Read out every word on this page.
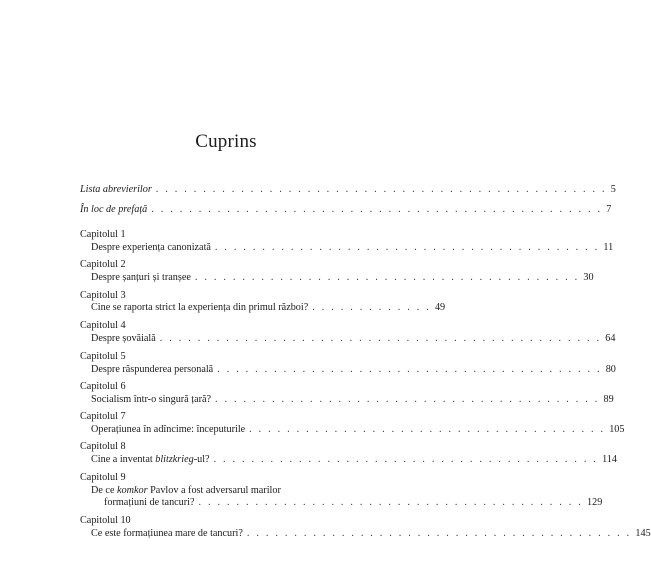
Cuprins
Lista abrevierilor . . . . . . . . . . . . . . . . . . . . . . . . . . . . . . . . . . . . . . . . . . . . . . . . 5
În loc de prefață . . . . . . . . . . . . . . . . . . . . . . . . . . . . . . . . . . . . . . . . . . . . . . . . 7
Capitolul 1
Despre experiența canonizată . . . . . . . . . . . . . . . . . . . . . . . . . . . . . . . . . . . . . . . . . 11
Capitolul 2
Despre șanțuri și tranșee . . . . . . . . . . . . . . . . . . . . . . . . . . . . . . . . . . . . . . . . . 30
Capitolul 3
Cine se raporta strict la experiența din primul război? . . . . . . . . . . . . . 49
Capitolul 4
Despre șovăială . . . . . . . . . . . . . . . . . . . . . . . . . . . . . . . . . . . . . . . . . . . . . . . 64
Capitolul 5
Despre răspunderea personală . . . . . . . . . . . . . . . . . . . . . . . . . . . . . . . . . . . . . . . . . 80
Capitolul 6
Socialism într-o singură țară? . . . . . . . . . . . . . . . . . . . . . . . . . . . . . . . . . . . . . . . . . 89
Capitolul 7
Operațiunea în adîncime: începuturile . . . . . . . . . . . . . . . . . . . . . . . . . . . . . . . . . . . . . . 105
Capitolul 8
Cine a inventat blitzkrieg-ul? . . . . . . . . . . . . . . . . . . . . . . . . . . . . . . . . . . . . . . . . . 114
Capitolul 9
De ce komkor Pavlov a fost adversarul marilor
formațiuni de tancuri? . . . . . . . . . . . . . . . . . . . . . . . . . . . . . . . . . . . . . . . . . 129
Capitolul 10
Ce este formațiunea mare de tancuri? . . . . . . . . . . . . . . . . . . . . . . . . . . . . . . . . . . . . . . . . . 145
